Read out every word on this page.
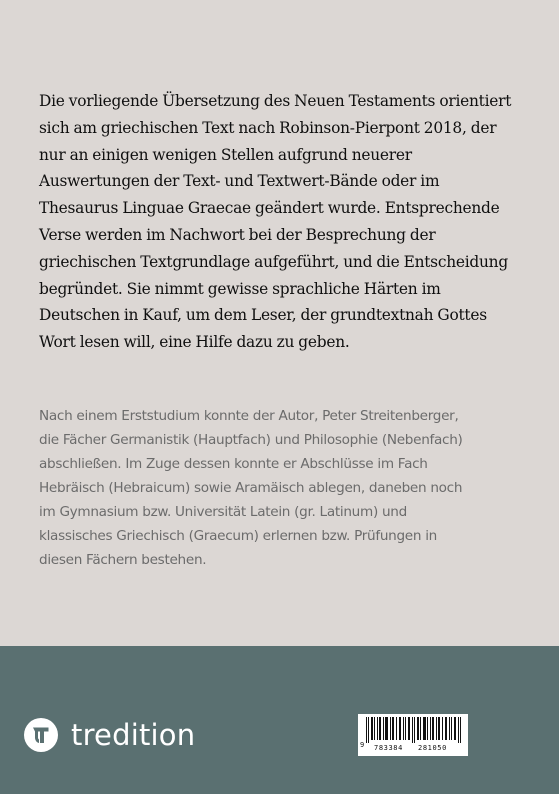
Die vorliegende Übersetzung des Neuen Testaments orientiert
sich am griechischen Text nach Robinson-Pierpont 2018, der
nur an einigen wenigen Stellen aufgrund neuerer
Auswertungen der Text- und Textwert-Bände oder im
Thesaurus Linguae Graecae geändert wurde. Entsprechende
Verse werden im Nachwort bei der Besprechung der
griechischen Textgrundlage aufgeführt, und die Entscheidung
begründet. Sie nimmt gewisse sprachliche Härten im
Deutschen in Kauf, um dem Leser, der grundtextnah Gottes
Wort lesen will, eine Hilfe dazu zu geben.

Nach einem Erststudium konnte der Autor, Peter Streitenberger,
die Fächer Germanistik (Hauptfach) und Philosophie (Nebenfach)
abschließen. Im Zuge dessen konnte er Abschlüsse im Fach
Hebräisch (Hebraicum) sowie Aramäisch ablegen, daneben noch
im Gymnasium bzw. Universität Latein (gr. Latinum) und
klassisches Griechisch (Graecum) erlernen bzw. Prüfungen in
diesen Fächern bestehen.

tredition	9 783384 281050
